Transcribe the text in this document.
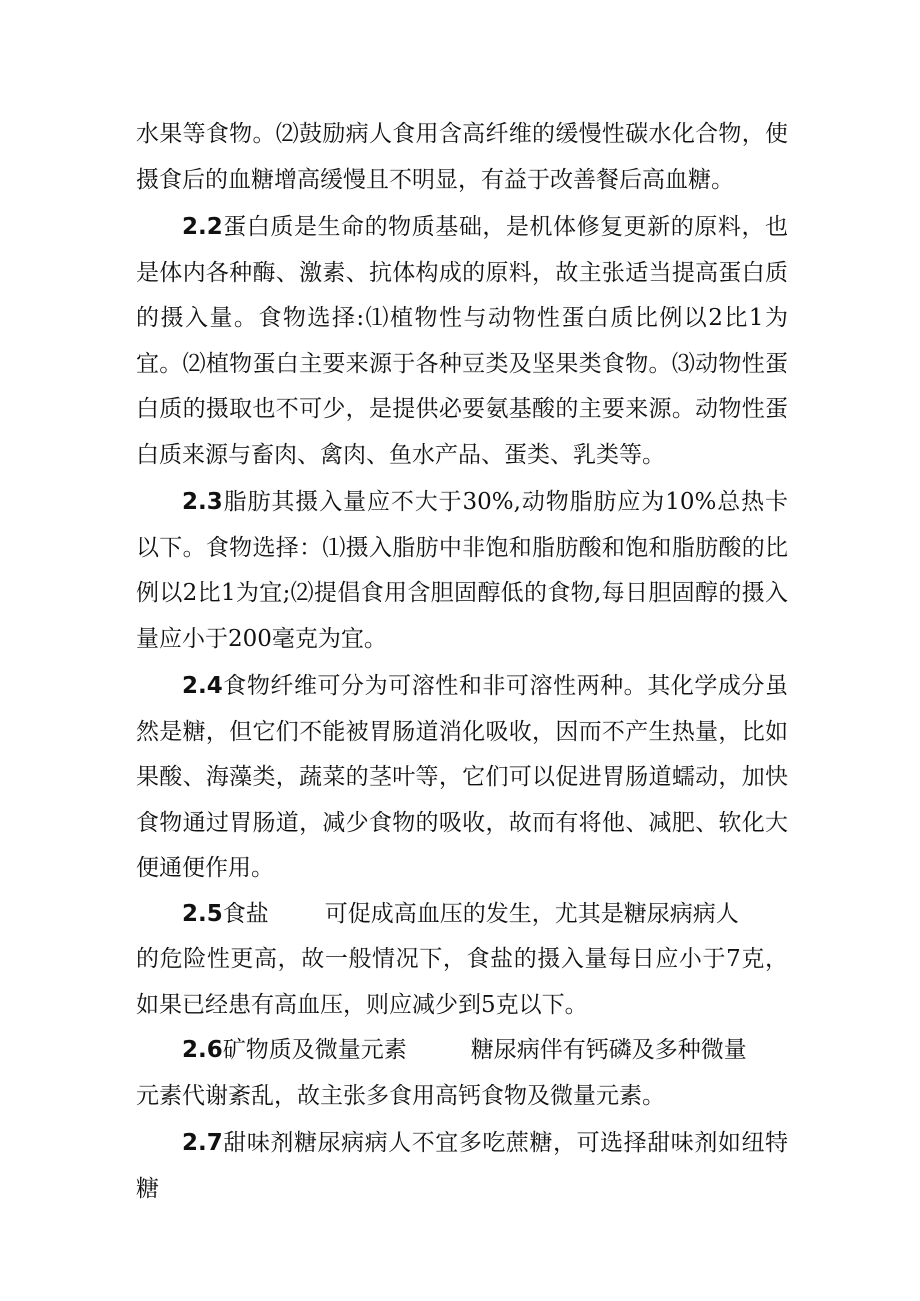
水果等食物。⑵鼓励病人食用含高纤维的缓慢性碳水化合物，使摄食后的血糖增高缓慢且不明显，有益于改善餐后高血糖。

2.2蛋白质是生命的物质基础，是机体修复更新的原料，也是体内各种酶、激素、抗体构成的原料，故主张适当提高蛋白质的摄入量。食物选择:⑴植物性与动物性蛋白质比例以2比1为宜。⑵植物蛋白主要来源于各种豆类及坚果类食物。⑶动物性蛋白质的摄取也不可少，是提供必要氨基酸的主要来源。动物性蛋白质来源与畜肉、禽肉、鱼水产品、蛋类、乳类等。

2.3脂肪其摄入量应不大于30%,动物脂肪应为10%总热卡以下。食物选择：⑴摄入脂肪中非饱和脂肪酸和饱和脂肪酸的比例以2比1为宜;⑵提倡食用含胆固醇低的食物,每日胆固醇的摄入量应小于200毫克为宜。

2.4食物纤维可分为可溶性和非可溶性两种。其化学成分虽然是糖，但它们不能被胃肠道消化吸收，因而不产生热量，比如果酸、海藻类，蔬菜的茎叶等，它们可以促进胃肠道蠕动，加快食物通过胃肠道，减少食物的吸收，故而有将他、减肥、软化大便通便作用。

2.5食盐 可促成高血压的发生，尤其是糖尿病病人

的危险性更高，故一般情况下，食盐的摄入量每日应小于7克，如果已经患有高血压，则应减少到5克以下。

2.6矿物质及微量元素	糖尿病伴有钙磷及多种微量

元素代谢紊乱，故主张多食用高钙食物及微量元素。

2.7甜味剂糖尿病病人不宜多吃蔗糖，可选择甜味剂如纽特糖
